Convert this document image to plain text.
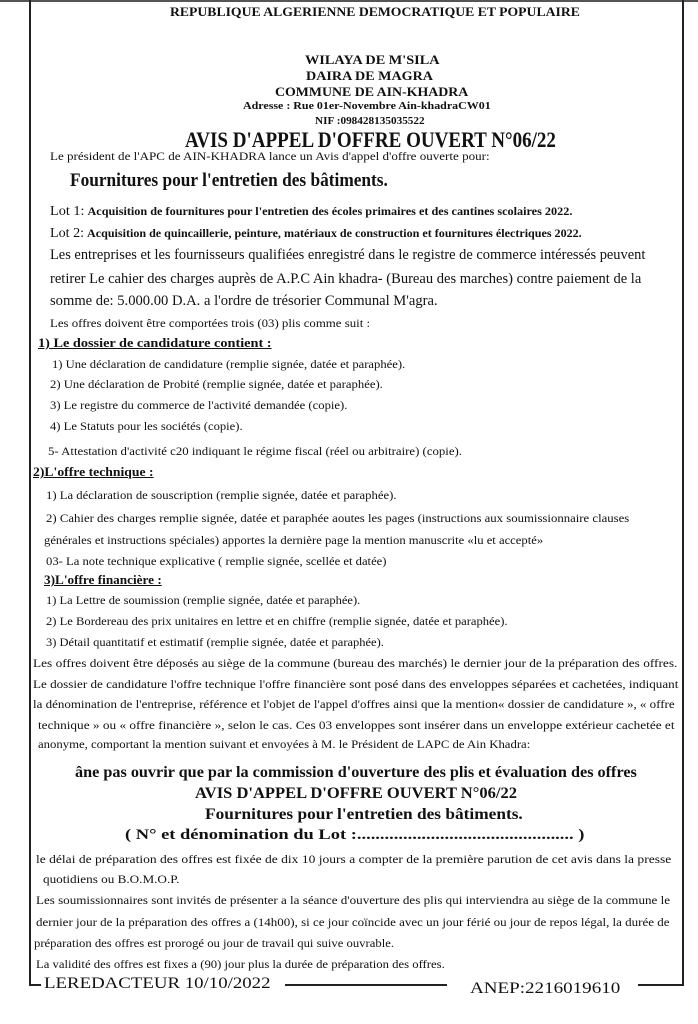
REPUBLIQUE ALGERIENNE DEMOCRATIQUE ET POPULAIRE
WILAYA DE M'SILA
DAIRA DE MAGRA
COMMUNE DE AIN-KHADRA
Adresse : Rue 01er-Novembre Ain-khadraCW01
NIF :098428135035522
AVIS D'APPEL D'OFFRE OUVERT N°06/22
Le président de l'APC de AIN-KHADRA lance un Avis d'appel d'offre ouverte pour:
Fournitures pour l'entretien des bâtiments.
Lot 1: Acquisition de fournitures pour l'entretien des écoles primaires et des cantines scolaires 2022.
Lot 2: Acquisition de quincaillerie, peinture, matériaux de construction et fournitures électriques 2022.
Les entreprises et les fournisseurs qualifiées enregistré dans le registre de commerce intéressés peuvent
retirer Le cahier des charges auprès de A.P.C Ain khadra- (Bureau des marches) contre paiement de la
somme de: 5.000.00 D.A. a l'ordre de trésorier Communal M'agra.
Les offres doivent être comportées trois (03) plis comme suit :
1) Le dossier de candidature contient :
1) Une déclaration de candidature (remplie signée, datée et paraphée).
2) Une déclaration de Probité (remplie signée, datée et paraphée).
3) Le registre du commerce de l'activité demandée (copie).
4) Le Statuts pour les sociétés (copie).
5- Attestation d'activité c20 indiquant le régime fiscal (réel ou arbitraire) (copie).
2)L'offre technique :
1) La déclaration de souscription (remplie signée, datée et paraphée).
2) Cahier des charges remplie signée, datée et paraphée aoutes les pages (instructions aux soumissionnaire clauses
générales et instructions spéciales) apportes la dernière page la mention manuscrite «lu et accepté»
03- La note technique explicative ( remplie signée, scellée et datée)
3)L'offre financière :
1) La Lettre de soumission (remplie signée, datée et paraphée).
2) Le Bordereau des prix unitaires en lettre et en chiffre (remplie signée, datée et paraphée).
3) Détail quantitatif et estimatif (remplie signée, datée et paraphée).
Les offres doivent être déposés au siège de la commune (bureau des marchés) le dernier jour de la préparation des offres.
Le dossier de candidature l'offre technique l'offre financière sont posé dans des enveloppes séparées et cachetées, indiquant
la dénomination de l'entreprise, référence et l'objet de l'appel d'offres ainsi que la mention« dossier de candidature », « offre
technique » ou « offre financière », selon le cas. Ces 03 enveloppes sont insérer dans un enveloppe extérieur cachetée et
anonyme, comportant la mention suivant et envoyées à M. le Président de LAPC de Ain Khadra:
âne pas ouvrir que par la commission d'ouverture des plis et évaluation des offres
AVIS D'APPEL D'OFFRE OUVERT N°06/22
Fournitures pour l'entretien des bâtiments.
( N° et dénomination du Lot :............................................... )
le délai de préparation des offres est fixée de dix 10 jours a compter de la première parution de cet avis dans la presse
quotidiens ou B.O.M.O.P.
Les soumissionnaires sont invités de présenter a la séance d'ouverture des plis qui interviendra au siège de la commune le
dernier jour de la préparation des offres a (14h00), si ce jour coïncide avec un jour férié ou jour de repos légal, la durée de
préparation des offres est prorogé ou jour de travail qui suive ouvrable.
La validité des offres est fixes a (90) jour plus la durée de préparation des offres.
LEREDACTEUR 10/10/2022	ANEP:2216019610
